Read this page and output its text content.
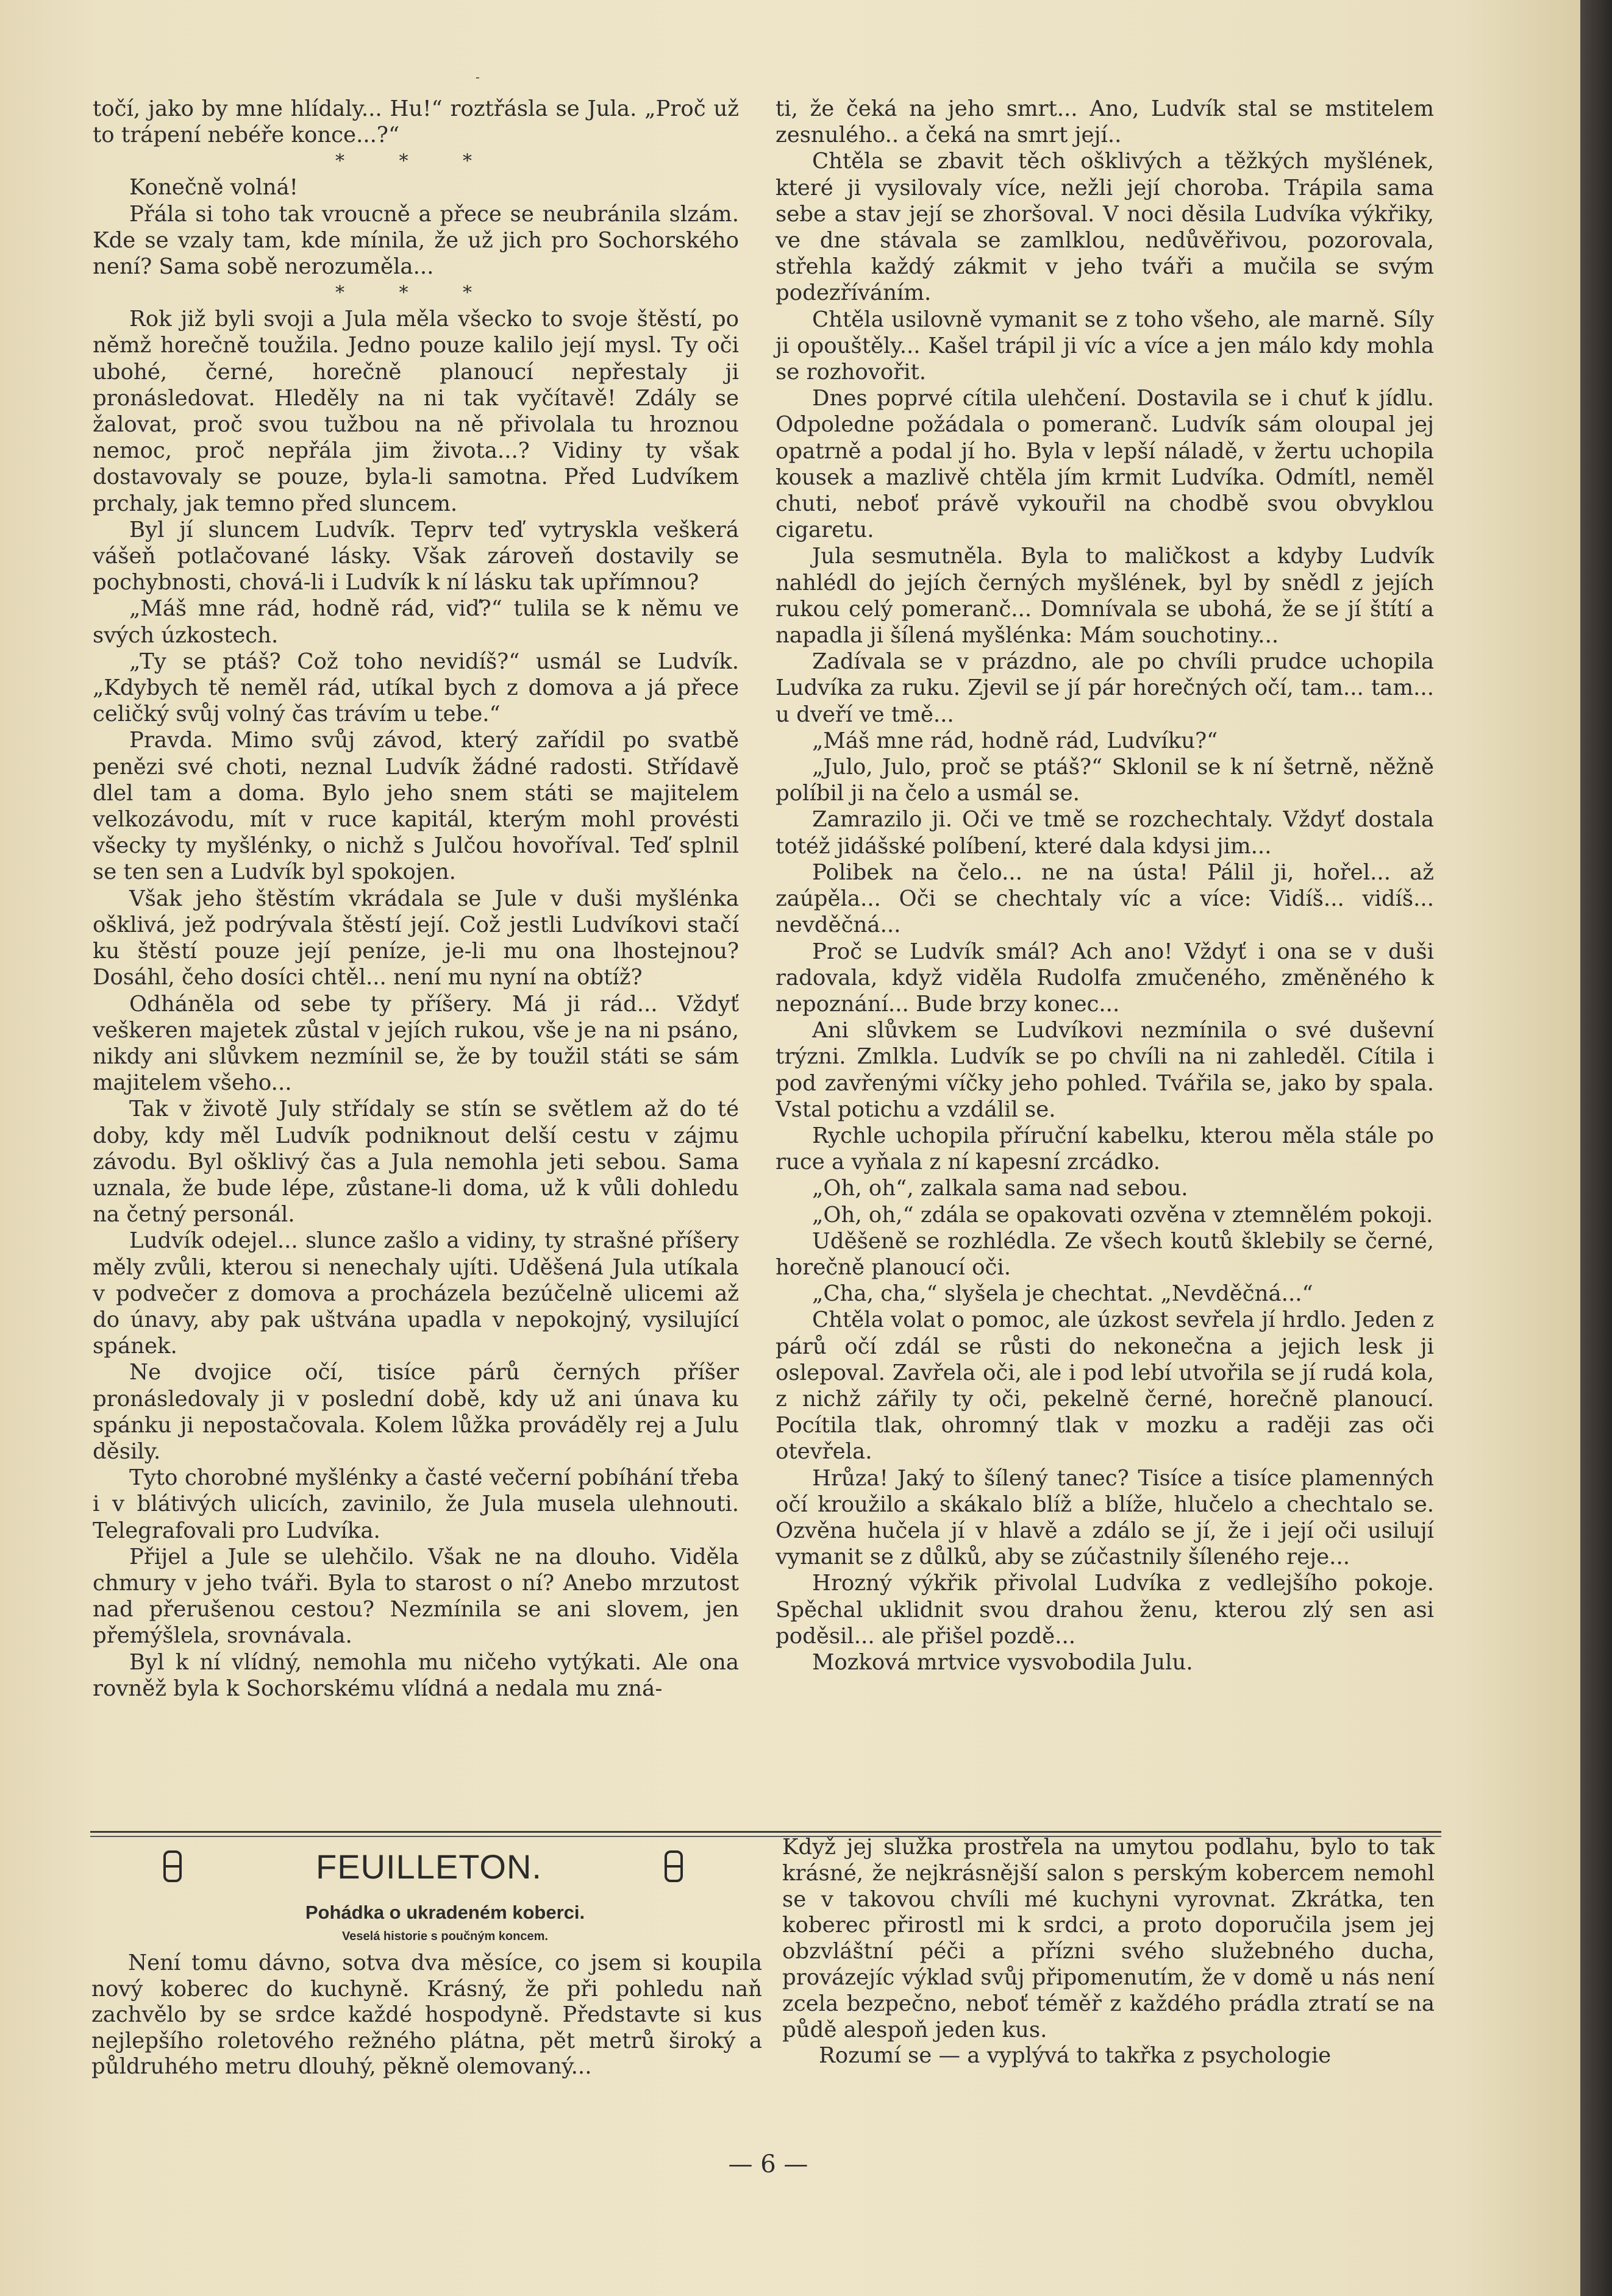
-

točí, jako by mne hlídaly... Hu!“ roztřásla se Jula. „Proč už to trápení nebéře konce...?“

* * *

Konečně volná!

Přála si toho tak vroucně a přece se neubránila slzám. Kde se vzaly tam, kde mínila, že už jich pro Sochorského není? Sama sobě nerozuměla...

* * *

Rok již byli svoji a Jula měla všecko to svoje štěstí, po němž horečně toužila. Jedno pouze kalilo její mysl. Ty oči ubohé, černé, horečně planoucí nepřestaly ji pronásledovat. Hleděly na ni tak vyčítavě! Zdály se žalovat, proč svou tužbou na ně přivolala tu hroznou nemoc, proč nepřála jim života...? Vidiny ty však dostavovaly se pouze, byla-li samotna. Před Ludvíkem prchaly, jak temno před sluncem.

Byl jí sluncem Ludvík. Teprv teď vytryskla veškerá vášeň potlačované lásky. Však zároveň dostavily se pochybnosti, chová-li i Ludvík k ní lásku tak upřímnou?

„Máš mne rád, hodně rád, viď?“ tulila se k němu ve svých úzkostech.

„Ty se ptáš? Což toho nevidíš?“ usmál se Ludvík. „Kdybych tě neměl rád, utíkal bych z domova a já přece celičký svůj volný čas trávím u tebe.“

Pravda. Mimo svůj závod, který zařídil po svatbě penězi své choti, neznal Ludvík žádné radosti. Střídavě dlel tam a doma. Bylo jeho snem státi se majitelem velkozávodu, mít v ruce kapitál, kterým mohl provésti všecky ty myšlénky, o nichž s Julčou hovoříval. Teď splnil se ten sen a Ludvík byl spokojen.

Však jeho štěstím vkrádala se Jule v duši myšlénka ošklivá, jež podrývala štěstí její. Což jestli Ludvíkovi stačí ku štěstí pouze její peníze, je-li mu ona lhostejnou? Dosáhl, čeho dosíci chtěl... není mu nyní na obtíž?

Odháněla od sebe ty příšery. Má ji rád... Vždyť veškeren majetek zůstal v jejích rukou, vše je na ni psáno, nikdy ani slůvkem nezmínil se, že by toužil státi se sám majitelem všeho...

Tak v životě July střídaly se stín se světlem až do té doby, kdy měl Ludvík podniknout delší cestu v zájmu závodu. Byl ošklivý čas a Jula nemohla jeti sebou. Sama uznala, že bude lépe, zůstane-li doma, už k vůli dohledu na četný personál.

Ludvík odejel... slunce zašlo a vidiny, ty strašné příšery měly zvůli, kterou si nenechaly ujíti. Uděšená Jula utíkala v podvečer z domova a procházela bezúčelně ulicemi až do únavy, aby pak uštvána upadla v nepokojný, vysilující spánek.

Ne dvojice očí, tisíce párů černých příšer pronásledovaly ji v poslední době, kdy už ani únava ku spánku ji nepostačovala. Kolem lůžka prováděly rej a Julu děsily.

Tyto chorobné myšlénky a časté večerní pobíhání třeba i v blátivých ulicích, zavinilo, že Jula musela ulehnouti. Telegrafovali pro Ludvíka.

Přijel a Jule se ulehčilo. Však ne na dlouho. Viděla chmury v jeho tváři. Byla to starost o ní? Anebo mrzutost nad přerušenou cestou? Nezmínila se ani slovem, jen přemýšlela, srovnávala.

Byl k ní vlídný, nemohla mu ničeho vytýkati. Ale ona rovněž byla k Sochorskému vlídná a nedala mu zná-

ti, že čeká na jeho smrt... Ano, Ludvík stal se mstitelem zesnulého.. a čeká na smrt její..

Chtěla se zbavit těch ošklivých a těžkých myšlének, které ji vysilovaly více, nežli její choroba. Trápila sama sebe a stav její se zhoršoval. V noci děsila Ludvíka výkřiky, ve dne stávala se zamlklou, nedůvěřivou, pozorovala, střehla každý zákmit v jeho tváři a mučila se svým podezříváním.

Chtěla usilovně vymanit se z toho všeho, ale marně. Síly ji opouštěly... Kašel trápil ji víc a více a jen málo kdy mohla se rozhovořit.

Dnes poprvé cítila ulehčení. Dostavila se i chuť k jídlu. Odpoledne požádala o pomeranč. Ludvík sám oloupal jej opatrně a podal jí ho. Byla v lepší náladě, v žertu uchopila kousek a mazlivě chtěla jím krmit Ludvíka. Odmítl, neměl chuti, neboť právě vykouřil na chodbě svou obvyklou cigaretu.

Jula sesmutněla. Byla to maličkost a kdyby Ludvík nahlédl do jejích černých myšlének, byl by snědl z jejích rukou celý pomeranč... Domnívala se ubohá, že se jí štítí a napadla ji šílená myšlénka: Mám souchotiny...

Zadívala se v prázdno, ale po chvíli prudce uchopila Ludvíka za ruku. Zjevil se jí pár horečných očí, tam... tam... u dveří ve tmě...

„Máš mne rád, hodně rád, Ludvíku?“

„Julo, Julo, proč se ptáš?“ Sklonil se k ní šetrně, něžně políbil ji na čelo a usmál se.

Zamrazilo ji. Oči ve tmě se rozchechtaly. Vždyť dostala totéž jidášské políbení, které dala kdysi jim...

Polibek na čelo... ne na ústa! Pálil ji, hořel... až zaúpěla... Oči se chechtaly víc a více: Vidíš... vidíš... nevděčná...

Proč se Ludvík smál? Ach ano! Vždyť i ona se v duši radovala, když viděla Rudolfa zmučeného, změněného k nepoznání... Bude brzy konec...

Ani slůvkem se Ludvíkovi nezmínila o své duševní trýzni. Zmlkla. Ludvík se po chvíli na ni zahleděl. Cítila i pod zavřenými víčky jeho pohled. Tvářila se, jako by spala. Vstal potichu a vzdálil se.

Rychle uchopila příruční kabelku, kterou měla stále po ruce a vyňala z ní kapesní zrcádko.

„Oh, oh“, zalkala sama nad sebou.

„Oh, oh,“ zdála se opakovati ozvěna v ztemnělém pokoji.

Uděšeně se rozhlédla. Ze všech koutů šklebily se černé, horečně planoucí oči.

„Cha, cha,“ slyšela je chechtat. „Nevděčná...“

Chtěla volat o pomoc, ale úzkost sevřela jí hrdlo. Jeden z párů očí zdál se růsti do nekonečna a jejich lesk ji oslepoval. Zavřela oči, ale i pod lebí utvořila se jí rudá kola, z nichž zářily ty oči, pekelně černé, horečně planoucí. Pocítila tlak, ohromný tlak v mozku a raději zas oči otevřela.

Hrůza! Jaký to šílený tanec? Tisíce a tisíce plamenných očí kroužilo a skákalo blíž a blíže, hlučelo a chechtalo se. Ozvěna hučela jí v hlavě a zdálo se jí, že i její oči usilují vymanit se z důlků, aby se zúčastnily šíleného reje...

Hrozný výkřik přivolal Ludvíka z vedlejšího pokoje. Spěchal uklidnit svou drahou ženu, kterou zlý sen asi poděsil... ale přišel pozdě...

Mozková mrtvice vysvobodila Julu.

FEUILLETON.
Pohádka o ukradeném koberci.
Veselá historie s poučným koncem.

Není tomu dávno, sotva dva měsíce, co jsem si koupila nový koberec do kuchyně. Krásný, že při pohledu naň zachvělo by se srdce každé hospodyně. Představte si kus nejlepšího roletového režného plátna, pět metrů široký a půldruhého metru dlouhý, pěkně olemovaný...

Když jej služka prostřela na umytou podlahu, bylo to tak krásné, že nejkrásnější salon s perským kobercem nemohl se v takovou chvíli mé kuchyni vyrovnat. Zkrátka, ten koberec přirostl mi k srdci, a proto doporučila jsem jej obzvláštní péči a přízni svého služebného ducha, provázejíc výklad svůj připomenutím, že v domě u nás není zcela bezpečno, neboť téměř z každého prádla ztratí se na půdě alespoň jeden kus.

Rozumí se — a vyplývá to takřka z psychologie

— 6 —
